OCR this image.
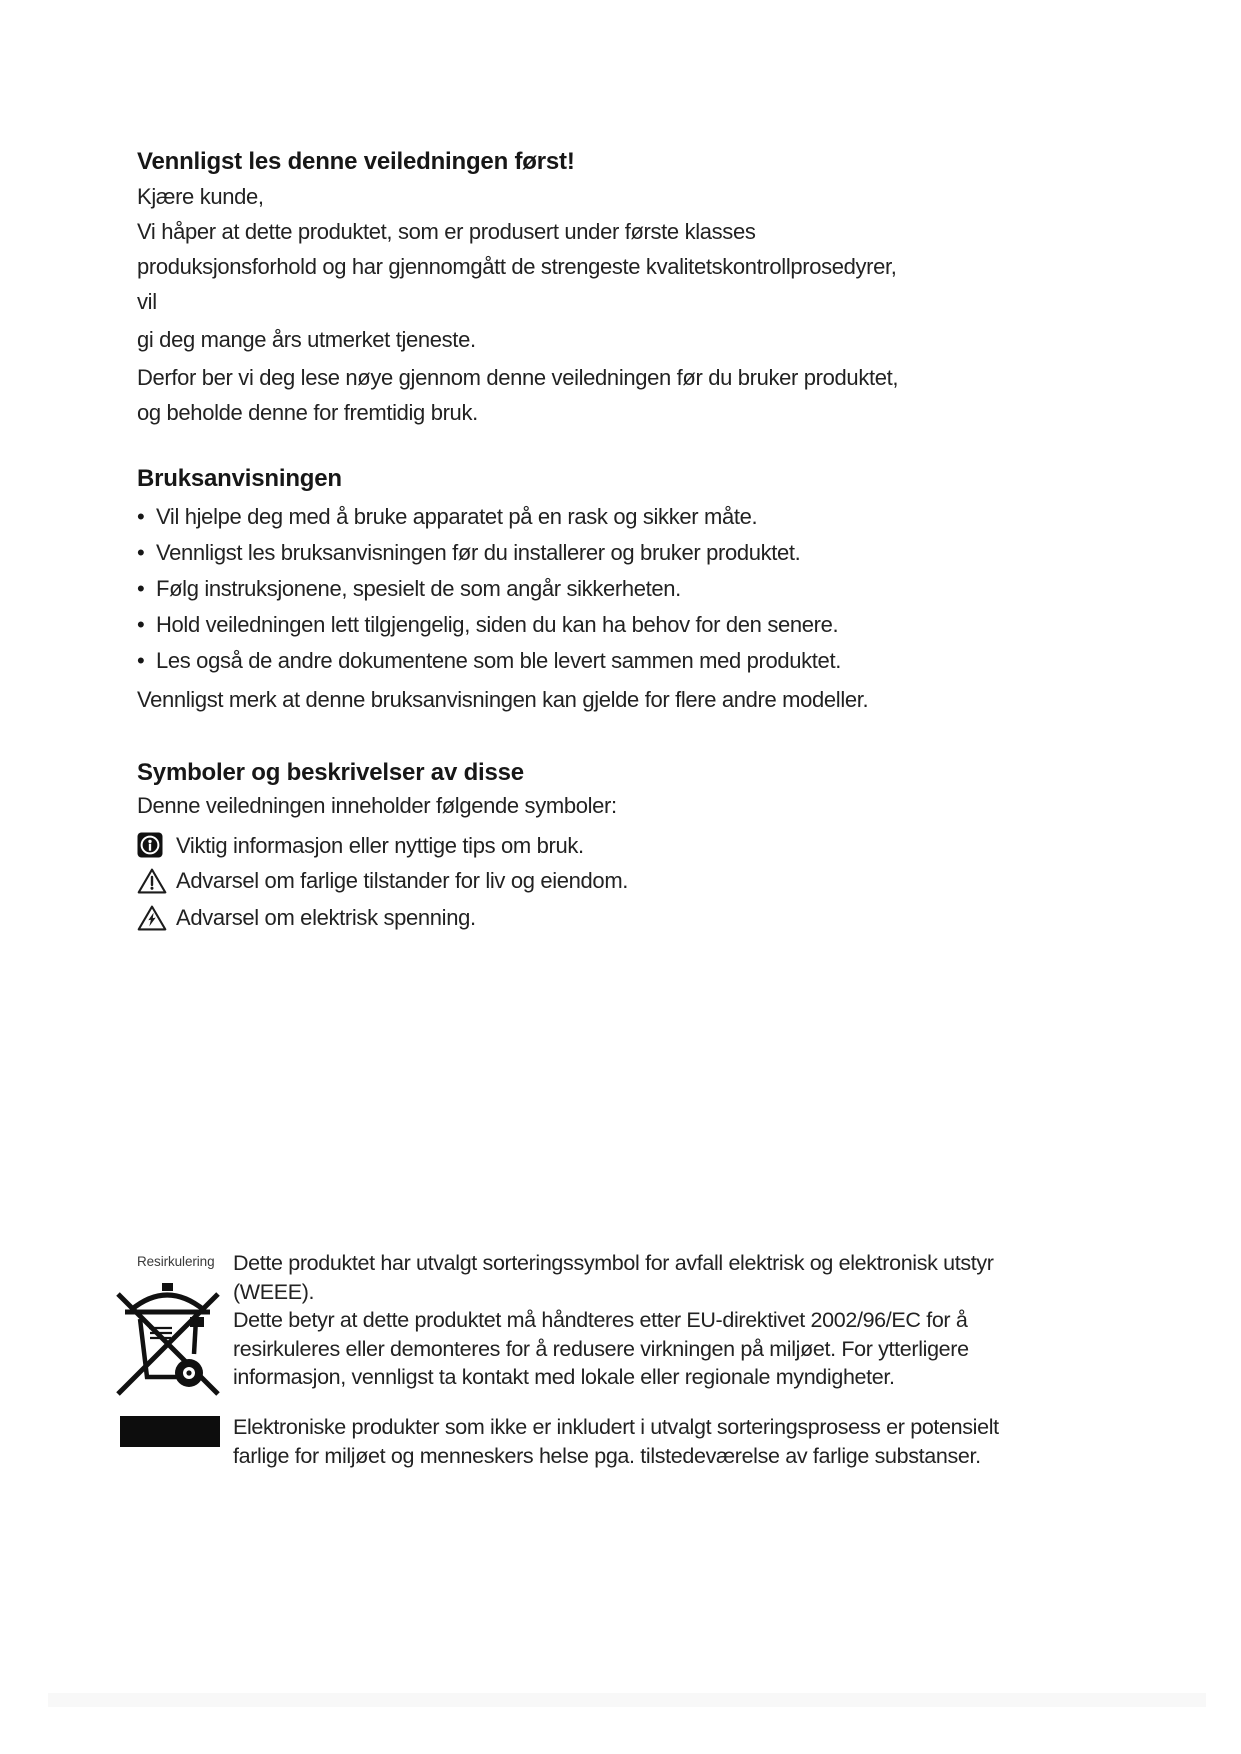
Vennligst les denne veiledningen først!
Kjære kunde,
Vi håper at dette produktet, som er produsert under første klasses
produksjonsforhold og har gjennomgått de strengeste kvalitetskontrollprosedyrer,
vil
gi deg mange års utmerket tjeneste.
Derfor ber vi deg lese nøye gjennom denne veiledningen før du bruker produktet,
og beholde denne for fremtidig bruk.
Bruksanvisningen
• Vil hjelpe deg med å bruke apparatet på en rask og sikker måte.
• Vennligst les bruksanvisningen før du installerer og bruker produktet.
• Følg instruksjonene, spesielt de som angår sikkerheten.
• Hold veiledningen lett tilgjengelig, siden du kan ha behov for den senere.
• Les også de andre dokumentene som ble levert sammen med produktet.
Vennligst merk at denne bruksanvisningen kan gjelde for flere andre modeller.
Symboler og beskrivelser av disse
Denne veiledningen inneholder følgende symboler:
Viktig informasjon eller nyttige tips om bruk.
Advarsel om farlige tilstander for liv og eiendom.
Advarsel om elektrisk spenning.
Resirkulering Dette produktet har utvalgt sorteringssymbol for avfall elektrisk og elektronisk utstyr
(WEEE).
Dette betyr at dette produktet må håndteres etter EU-direktivet 2002/96/EC for å
resirkuleres eller demonteres for å redusere virkningen på miljøet. For ytterligere
informasjon, vennligst ta kontakt med lokale eller regionale myndigheter.
Elektroniske produkter som ikke er inkludert i utvalgt sorteringsprosess er potensielt
farlige for miljøet og menneskers helse pga. tilstedeværelse av farlige substanser.
